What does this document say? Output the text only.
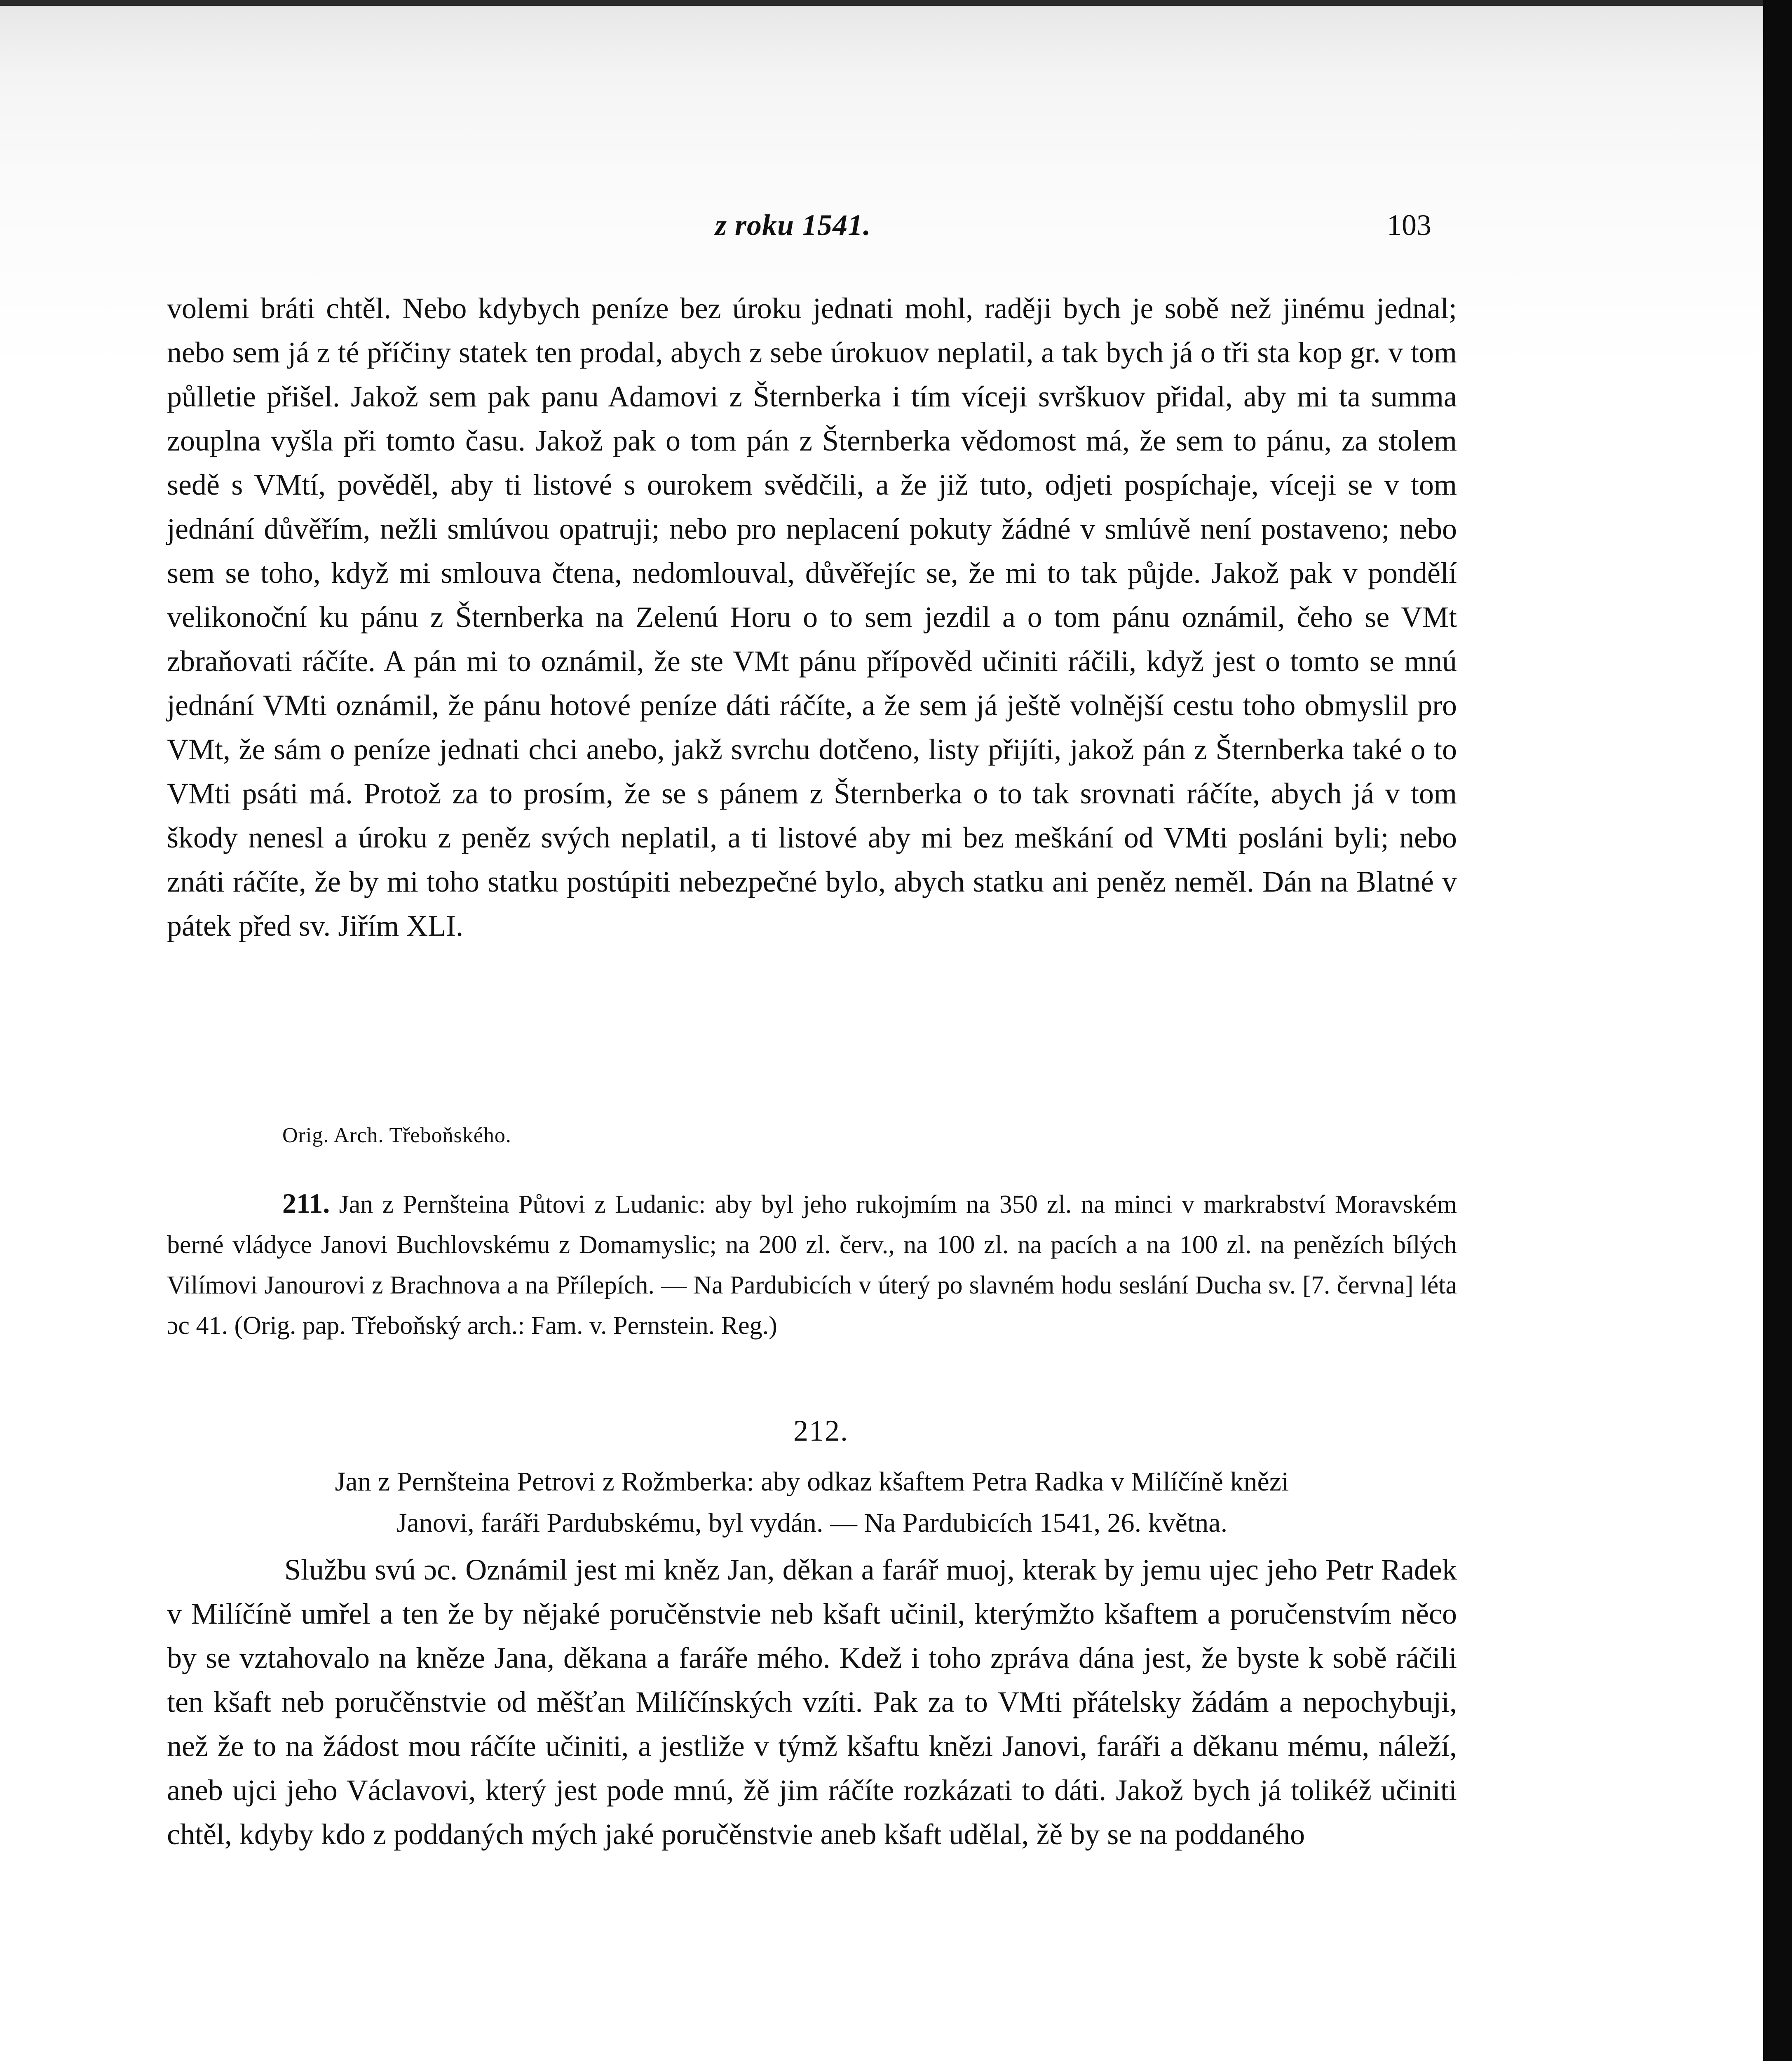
z roku 1541.	103

volemi bráti chtěl. Nebo kdybych peníze bez úroku jednati mohl, raději bych je sobě než jinému jednal; nebo sem já z té příčiny statek ten prodal, abych z sebe úrokuov neplatil, a tak bych já o tři sta kop gr. v tom půlletie přišel. Jakož sem pak panu Adamovi z Šternberka i tím víceji svrškuov přidal, aby mi ta summa zouplna vyšla při tomto času. Jakož pak o tom pán z Šternberka vědomost má, že sem to pánu, za stolem sedě s VMtí, pověděl, aby ti listové s ourokem svědčili, a že již tuto, odjeti pospíchaje, víceji se v tom jednání důvěřím, nežli smlúvou opatruji; nebo pro neplacení pokuty žádné v smlúvě není postaveno; nebo sem se toho, když mi smlouva čtena, nedomlouval, důvěřejíc se, že mi to tak půjde. Jakož pak v pondělí velikonoční ku pánu z Šternberka na Zelenú Horu o to sem jezdil a o tom pánu oznámil, čeho se VMt zbraňovati ráčíte. A pán mi to oznámil, že ste VMt pánu přípověd učiniti ráčili, když jest o tomto se mnú jednání VMti oznámil, že pánu hotové peníze dáti ráčíte, a že sem já ještě volnější cestu toho obmyslil pro VMt, že sám o peníze jednati chci anebo, jakž svrchu dotčeno, listy přijíti, jakož pán z Šternberka také o to VMti psáti má. Protož za to prosím, že se s pánem z Šternberka o to tak srovnati ráčíte, abych já v tom škody nenesl a úroku z peněz svých neplatil, a ti listové aby mi bez meškání od VMti posláni byli; nebo znáti ráčíte, že by mi toho statku postúpiti nebezpečné bylo, abych statku ani peněz neměl. Dán na Blatné v pátek před sv. Jiřím XLI.

Orig. Arch. Třeboňského.

211. Jan z Pernšteina Půtovi z Ludanic: aby byl jeho rukojmím na 350 zl. na minci v markrabství Moravském berné vládyce Janovi Buchlovskému z Domamyslic; na 200 zl. červ., na 100 zl. na pacích a na 100 zl. na penězích bílých Vilímovi Janourovi z Brachnova a na Přílepích. — Na Pardubicích v úterý po slavném hodu seslání Ducha sv. [7. června] léta ɔc 41. (Orig. pap. Třeboňský arch.: Fam. v. Pernstein. Reg.)

212.

Jan z Pernšteina Petrovi z Rožmberka: aby odkaz kšaftem Petra Radka v Milíčíně knězi
Janovi, faráři Pardubskému, byl vydán. — Na Pardubicích 1541, 26. května.

Službu svú ɔc. Oznámil jest mi kněz Jan, děkan a farář muoj, kterak by jemu ujec jeho Petr Radek v Milíčíně umřel a ten že by nějaké poručěnstvie neb kšaft učinil, kterýmžto kšaftem a poručenstvím něco by se vztahovalo na kněze Jana, děkana a faráře mého. Kdež i toho zpráva dána jest, že byste k sobě ráčili ten kšaft neb poručěnstvie od měšťan Milíčínských vzíti. Pak za to VMti přátelsky žádám a nepochybuji, než že to na žádost mou ráčíte učiniti, a jestliže v týmž kšaftu knězi Janovi, faráři a děkanu mému, náleží, aneb ujci jeho Václavovi, který jest pode mnú, žě jim ráčíte rozkázati to dáti. Jakož bych já tolikéž učiniti chtěl, kdyby kdo z poddaných mých jaké poručěnstvie aneb kšaft udělal, žě by se na poddaného
